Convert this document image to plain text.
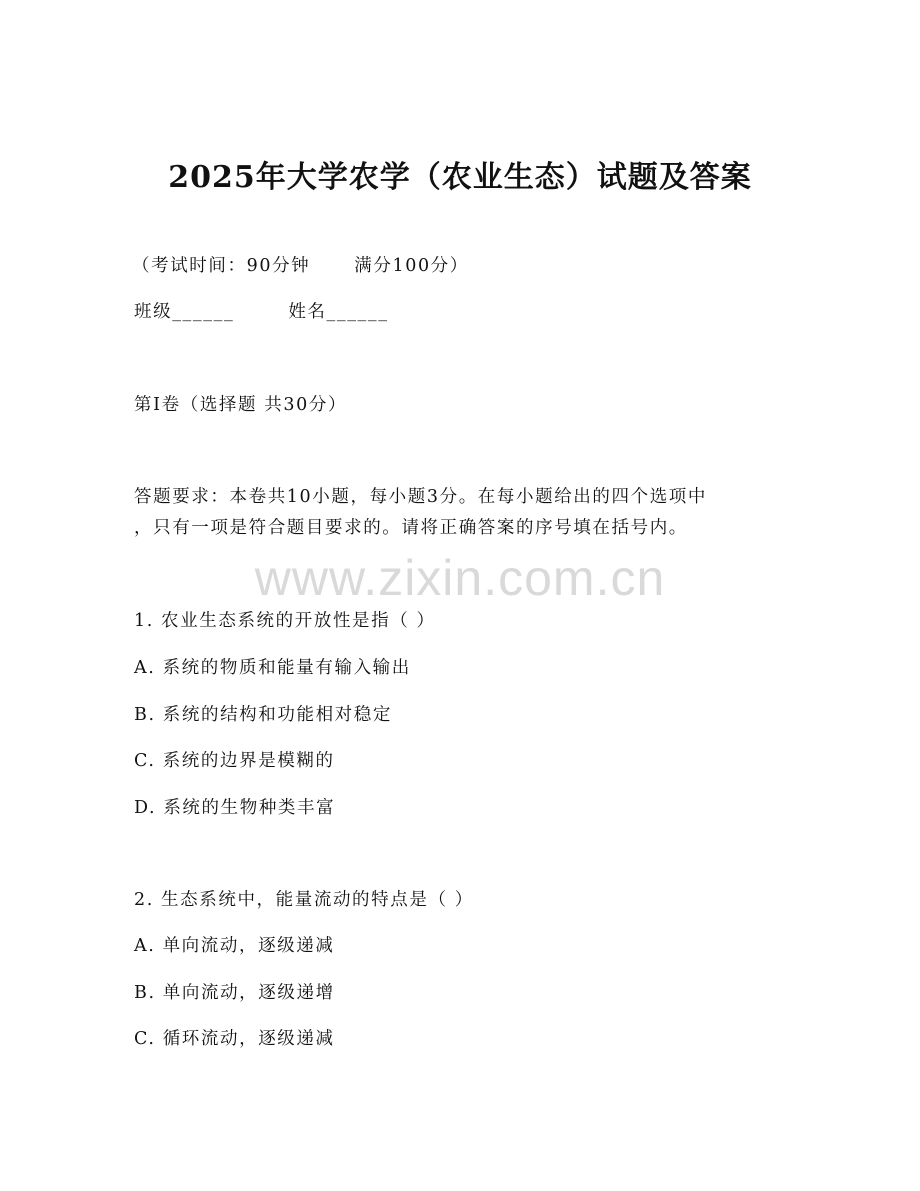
www.zixin.com.cn
2025年大学农学（农业生态）试题及答案
（考试时间：90分钟	满分100分）
班级______	姓名______
第I卷（选择题 共30分）
答题要求：本卷共10小题，每小题3分。在每小题给出的四个选项中
，只有一项是符合题目要求的。请将正确答案的序号填在括号内。
1. 农业生态系统的开放性是指（ ）
A. 系统的物质和能量有输入输出
B. 系统的结构和功能相对稳定
C. 系统的边界是模糊的
D. 系统的生物种类丰富
2. 生态系统中，能量流动的特点是（ ）
A. 单向流动，逐级递减
B. 单向流动，逐级递增
C. 循环流动，逐级递减
